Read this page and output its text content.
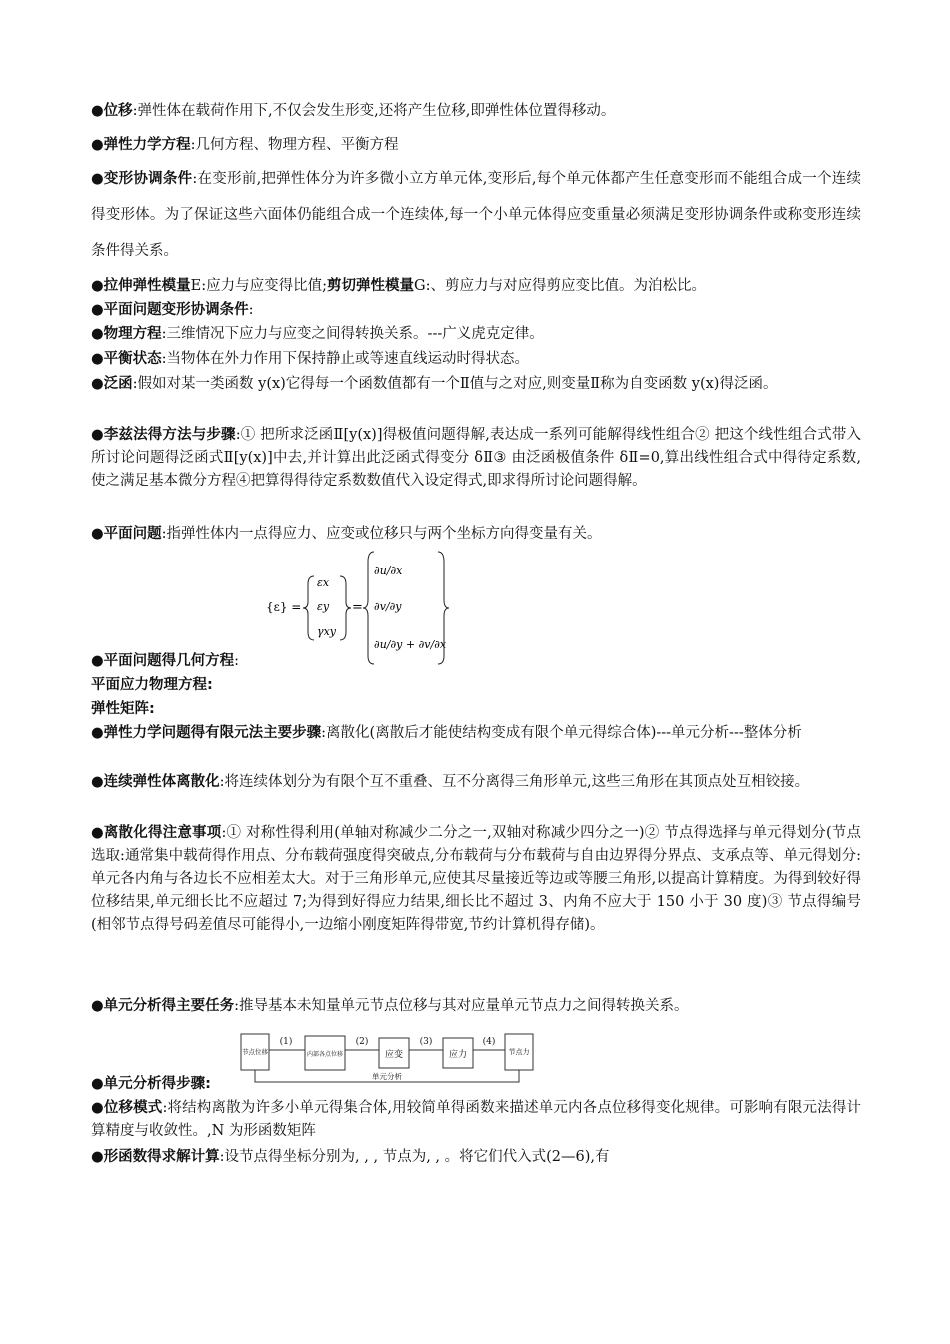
●位移:弹性体在载荷作用下,不仅会发生形变,还将产生位移,即弹性体位置得移动。
●弹性力学方程:几何方程、物理方程、平衡方程
●变形协调条件:在变形前,把弹性体分为许多微小立方单元体,变形后,每个单元体都产生任意变形而不能组合成一个连续得变形体。为了保证这些六面体仍能组合成一个连续体,每一个小单元体得应变重量必须满足变形协调条件或称变形连续条件得关系。
●拉伸弹性模量E:应力与应变得比值;剪切弹性模量G:、剪应力与对应得剪应变比值。为泊松比。
●平面问题变形协调条件:
●物理方程:三维情况下应力与应变之间得转换关系。---广义虎克定律。
●平衡状态:当物体在外力作用下保持静止或等速直线运动时得状态。
●泛函:假如对某一类函数 y(x)它得每一个函数值都有一个Ⅱ值与之对应,则变量Ⅱ称为自变函数 y(x)得泛函。
●李兹法得方法与步骤:① 把所求泛函Ⅱ[y(x)]得极值问题得解,表达成一系列可能解得线性组合② 把这个线性组合式带入所讨论问题得泛函式Ⅱ[y(x)]中去,并计算出此泛函式得变分 δⅡ③ 由泛函极值条件 δⅡ=0,算出线性组合式中得待定系数,使之满足基本微分方程④把算得得待定系数数值代入设定得式,即求得所讨论问题得解。
●平面问题:指弹性体内一点得应力、应变或位移只与两个坐标方向得变量有关。
{ε} =
εx
εy
γxy
=
∂u/∂x
∂v/∂y
∂u/∂y + ∂v/∂x
●平面问题得几何方程:
平面应力物理方程:
弹性矩阵:
●弹性力学问题得有限元法主要步骤:离散化(离散后才能使结构变成有限个单元得综合体)---单元分析---整体分析
●连续弹性体离散化:将连续体划分为有限个互不重叠、互不分离得三角形单元,这些三角形在其顶点处互相铰接。
●离散化得注意事项:① 对称性得利用(单轴对称减少二分之一,双轴对称减少四分之一)② 节点得选择与单元得划分(节点选取:通常集中载荷得作用点、分布载荷强度得突破点,分布载荷与分布载荷与自由边界得分界点、支承点等、单元得划分:单元各内角与各边长不应相差太大。对于三角形单元,应使其尽量接近等边或等腰三角形,以提高计算精度。为得到较好得位移结果,单元细长比不应超过 7;为得到好得应力结果,细长比不超过 3、内角不应大于 150 小于 30 度)③ 节点得编号(相邻节点得号码差值尽可能得小,一边缩小刚度矩阵得带宽,节约计算机得存储)。
●单元分析得主要任务:推导基本未知量单元节点位移与其对应量单元节点力之间得转换关系。
节点位移
(1)
内部各点位移
(2)
应变
(3)
应力
(4)
节点力
单元分析
●单元分析得步骤:
●位移模式:将结构离散为许多小单元得集合体,用较简单得函数来描述单元内各点位移得变化规律。可影响有限元法得计算精度与收敛性。,N 为形函数矩阵
●形函数得求解计算:设节点得坐标分别为, , , 节点为, , 。将它们代入式(2—6),有
